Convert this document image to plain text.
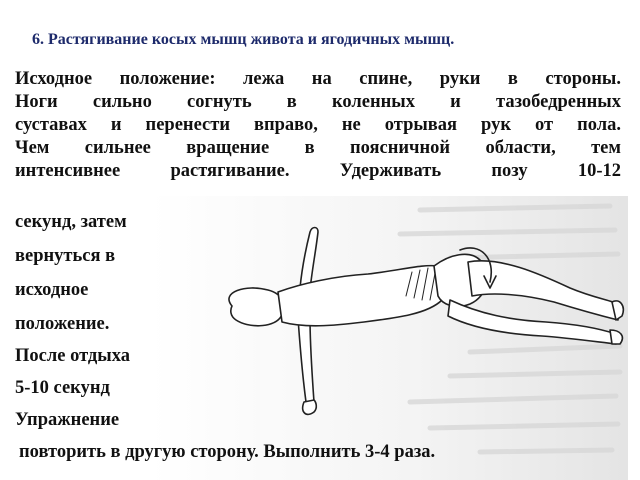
6. Растягивание косых мышц живота и ягодичных мышц.
Исходное положение: лежа на спине, руки в стороны.
Ноги сильно согнуть в коленных и тазобедренных
суставах и перенести вправо, не отрывая рук от пола.
Чем сильнее вращение в поясничной области, тем
интенсивнее растягивание. Удерживать позу 10-12
секунд, затем
вернуться в
исходное
положение.
После отдыха
5-10 секунд
Упражнение
повторить в другую сторону. Выполнить 3-4 раза.
